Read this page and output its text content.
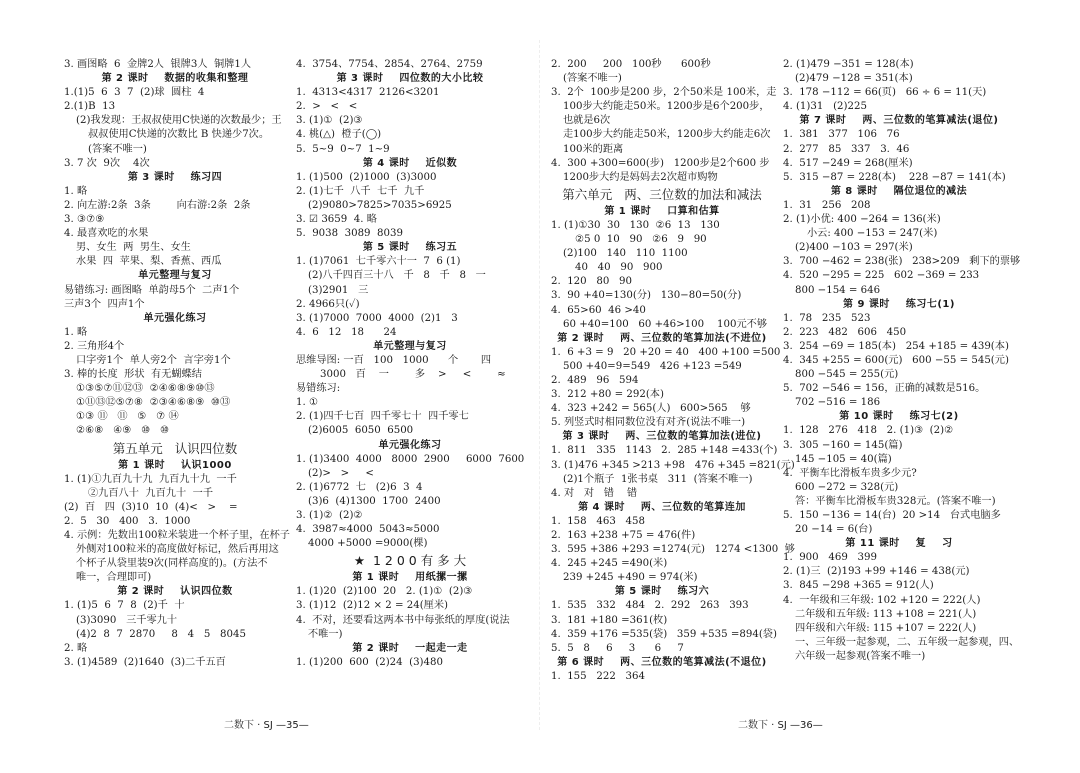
3. 画图略  6  金牌2人  银牌3人  铜牌1人
第 2 课时    数据的收集和整理
1.(1)5  6  3  7  (2)球  圆柱  4
2.(1)B  13
(2)我发现：王叔叔使用C快递的次数最少；王
叔叔使用C快递的次数比 B 快递少7次。
(答案不唯一)
3. 7 次  9次    4次
第 3 课时    练习四
1. 略
2. 向左游:2条  3条        向右游:2条  2条
3. ③⑦⑨
4. 最喜欢吃的水果
男、女生  两  男生、女生
水果  四  苹果、梨、香蕉、西瓜
单元整理与复习
易错练习: 画图略  单韵母5个  二声1个
三声3个  四声1个
单元强化练习
1. 略
2. 三角形4个
口字旁1个  单人旁2个  言字旁1个
3. 棒的长度  形状  有无蝴蝶结
①③⑤⑦⑪⑫⑬  ②④⑥⑧⑨⑩⑬
①⑪⑬⑫⑤⑦⑧  ②③④⑥⑧⑨  ⑩⑬
①③ ⑪   ⑪   ⑤   ⑦ ⑭
②⑥⑧   ④⑨   ⑩   ⑩
第五单元   认识四位数
第 1 课时    认识1000
1. (1)①九百九十九  九百九十九  一千
②九百八十  九百九十  一千
(2)  百   四  (3)10  10  (4)<   >    =
2.  5   30   400   3.  1000
4. 示例：先数出100粒米装进一个杯子里，在杯子
外侧对100粒米的高度做好标记，然后再用这
个杯子从袋里装9次(同样高度的)。(方法不
唯一，合理即可)
第 2 课时    认识四位数
1. (1)5  6  7  8  (2)千  十
(3)3090   三千零九十
(4)2  8  7  2870     8   4   5   8045
2. 略
3. (1)4589  (2)1640  (3)二千五百
4.  3754、7754、2854、2764、2759
第 3 课时    四位数的大小比较
1.  4313<4317  2126<3201
2.  >   <   <
3. (1)①  (2)③
4. 桃(△)  橙子(◯)
5.  5~9  0~7  1~9
第 4 课时    近似数
1. (1)500  (2)1000  (3)3000
2. (1)七千  八千  七千  九千
(2)9080>7825>7035>6925
3. ☑ 3659  4. 略
5.  9038  3089  8039
第 5 课时    练习五
1. (1)7061  七千零六十一  7  6 (1)
(2)八千四百三十八   千   8   千   8   一
(3)2901   三
2. 4966只(✓)
3. (1)7000  7000  4000  (2)1   3
4.  6   12   18      24
单元整理与复习
思维导图: 一百   100   1000      个       四
3000   百    一        多    >     <        ≈
易错练习:
1. ①
2. (1)四千七百  四千零七十  四千零七
(2)6005  6050  6500
单元强化练习
1. (1)3400  4000   8000  2900     6000  7600
(2)>   >     <
2. (1)6772  七   (2)6  3  4
(3)6  (4)1300  1700  2400
3. (1)②  (2)②
4.  3987≈4000  5043≈5000
4000 +5000 =9000(棵)
★  1 2 0 0 有 多 大
第 1 课时    用纸摞一摞
1. (1)20  (2)100  20   2. (1)①  (2)③
3. (1)12  (2)12 × 2 = 24(厘米)
4.  不对，还要看这两本书中每张纸的厚度(说法
不唯一)
第 2 课时    一起走一走
1. (1)200  600  (2)24  (3)480
2.  200     200   100秒      600秒
(答案不唯一)
3.  2个  100步是200 步，2个50米是 100米，走
100步大约能走50米。1200步是6个200步，
也就是6次
走100步大约能走50米，1200步大约能走6次
100米的距离
4.  300 +300=600(步)   1200步是2个600 步
1200步大约是妈妈去2次超市购物
第六单元   两、三位数的加法和减法
第 1 课时    口算和估算
1. (1)①30  30   130  ②6  13   130
②5 0  10   90   ②6   9   90
(2)100   140   110  1100
40   40   90   900
2.  120   80   90
3.  90 +40=130(分)   130−80=50(分)
4.  65>60  46 >40
60 +40=100   60 +46>100    100元不够
第 2 课时    两、三位数的笔算加法(不进位)
1.  6 +3 = 9   20 +20 = 40   400 +100 =500
500 +40=9=549   426 +123 =549
2.  489   96   594
3.  212 +80 = 292(本)
4.  323 +242 = 565(人)   600>565    够
5. 列竖式时相同数位没有对齐(说法不唯一)
第 3 课时    两、三位数的笔算加法(进位)
1.  811   335   1143   2.  285 +148 =433(个)
3. (1)476 +345 >213 +98   476 +345 =821(元)
(2)1个瓶子  1张书桌   311  (答案不唯一)
4. 对   对   错    错
第 4 课时    两、三位数的笔算连加
1.  158   463   458
2.  163 +238 +75 = 476(件)
3.  595 +386 +293 =1274(元)   1274 <1300  够
4.  245 +245 =490(米)
239 +245 +490 = 974(米)
第 5 课时    练习六
1.  535   332   484   2.  292   263   393
3.  181 +180 =361(枚)
4.  359 +176 =535(袋)   359 +535 =894(袋)
5.  5   8     6     3      6     7
第 6 课时    两、三位数的笔算减法(不退位)
1.  155   222   364
2. (1)479 −351 = 128(本)
(2)479 −128 = 351(本)
3.  178 −112 = 66(页)   66 ÷ 6 = 11(天)
4. (1)31   (2)225
第 7 课时    两、三位数的笔算减法(退位)
1.  381   377   106   76
2.  277   85   337   3.  46
4.  517 −249 = 268(厘米)
5.  315 −87 = 228(本)    228 −87 = 141(本)
第 8 课时    隔位退位的减法
1.  31   256   208
2. (1)小优: 400 −264 = 136(米)
小云: 400 −153 = 247(米)
(2)400 −103 = 297(米)
3.  700 −462 = 238(张)   238>209   剩下的票够
4.  520 −295 = 225   602 −369 = 233
800 −154 = 646
第 9 课时    练习七(1)
1.  78   235   523
2.  223   482   606   450
3.  254 −69 = 185(本)   254 +185 = 439(本)
4.  345 +255 = 600(元)   600 −55 = 545(元)
800 −545 = 255(元)
5.  702 −546 = 156，正确的减数是516。
702 −516 = 186
第 10 课时    练习七(2)
1.  128   276   418   2. (1)③  (2)②
3.  305 −160 = 145(篇)
145 −105 = 40(篇)
4.  平衡车比滑板车贵多少元?
600 −272 = 328(元)
答：平衡车比滑板车贵328元。(答案不唯一)
5.  150 −136 = 14(台)  20 >14   台式电脑多
20 −14 = 6(台)
第 11 课时    复    习
1.  900   469   399
2. (1)三  (2)193 +99 +146 = 438(元)
3.  845 −298 +365 = 912(人)
4.  一年级和三年级: 102 +120 = 222(人)
二年级和五年级: 113 +108 = 221(人)
四年级和六年级: 115 +107 = 222(人)
一、三年级一起参观，二、五年级一起参观，四、
六年级一起参观(答案不唯一)
二数下 · SJ —35—	二数下 · SJ —36—
